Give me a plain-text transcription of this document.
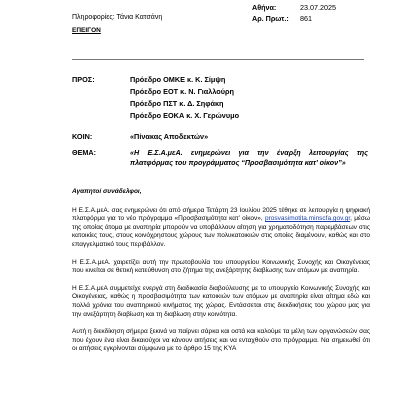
Πληροφορίες: Τάνια Κατσάνη
ΕΠΕΙΓΟΝ
Αθήνα:	23.07.2025
Αρ. Πρωτ.:	861
ΠΡΟΣ:	Πρόεδρο ΟΜΚΕ κ. Κ. Σίμψη
Πρόεδρο ΕΟΤ κ. Ν. Γιαλλούρη
Πρόεδρο ΠΣΤ κ. Δ. Σηφάκη
Πρόεδρο ΕΟΚΑ κ. Χ. Γερώνυμο
ΚΟΙΝ:	«Πίνακας Αποδεκτών»
ΘΕΜΑ:	«Η Ε.Σ.Α.μεΑ. ενημερώνει για την έναρξη λειτουργίας της πλατφόρμας του προγράμματος “Προσβασιμότητα κατ’ οίκον”»
Αγαπητοί συνάδελφοι,

Η Ε.Σ.Α.μεΑ. σας ενημερώνει ότι από σήμερα Τετάρτη 23 Ιουλίου 2025 τέθηκε σε λειτουργία η ψηφιακή πλατφόρμα για το νέο πρόγραμμα «Προσβασιμότητα κατ’ οίκον», prosvasimotita.minscfa.gov.gr, μέσω της οποίας άτομα με αναπηρία μπορούν να υποβάλλουν αίτηση για χρηματοδότηση παρεμβάσεων στις κατοικίες τους, στους κοινόχρηστους χώρους των πολυκατοικιών στις οποίες διαμένουν, καθώς και στο επαγγελματικό τους περιβάλλον.

Η Ε.Σ.Α.μεΑ. χαιρετίζει αυτή την πρωτοβουλία του υπουργείου Κοινωνικής Συνοχής και Οικογένειας που κινείται σε θετική κατεύθυνση στο ζήτημα της ανεξάρτητης διαβίωσης των ατόμων με αναπηρία.

Η Ε.Σ.Α.μεΑ συμμετείχε ενεργά στη διαδικασία διαβούλευσης με το υπουργείο Κοινωνικής Συνοχής και Οικογένειας, καθώς η προσβασιμότητα των κατοικιών των ατόμων με αναπηρία είναι αίτημα εδώ και πολλά χρόνια του αναπηρικού κινήματος της χώρας. Εντάσσεται στις διεκδικήσεις του χώρου μας για την ανεξάρτητη διαβίωση και τη διαβίωση στην κοινότητα.

Αυτή η διεκδίκηση σήμερα ξεκινά να παίρνει σάρκα και οστά και καλούμε τα μέλη των οργανώσεών σας που έχουν ένα είναι δικαιούχοι να κάνουν αιτήσεις και να ενταχθούν στο πρόγραμμα. Να σημειωθεί ότι οι αιτήσεις εγκρίνονται σύμφωνα με το άρθρο 15 της ΚΥΑ
